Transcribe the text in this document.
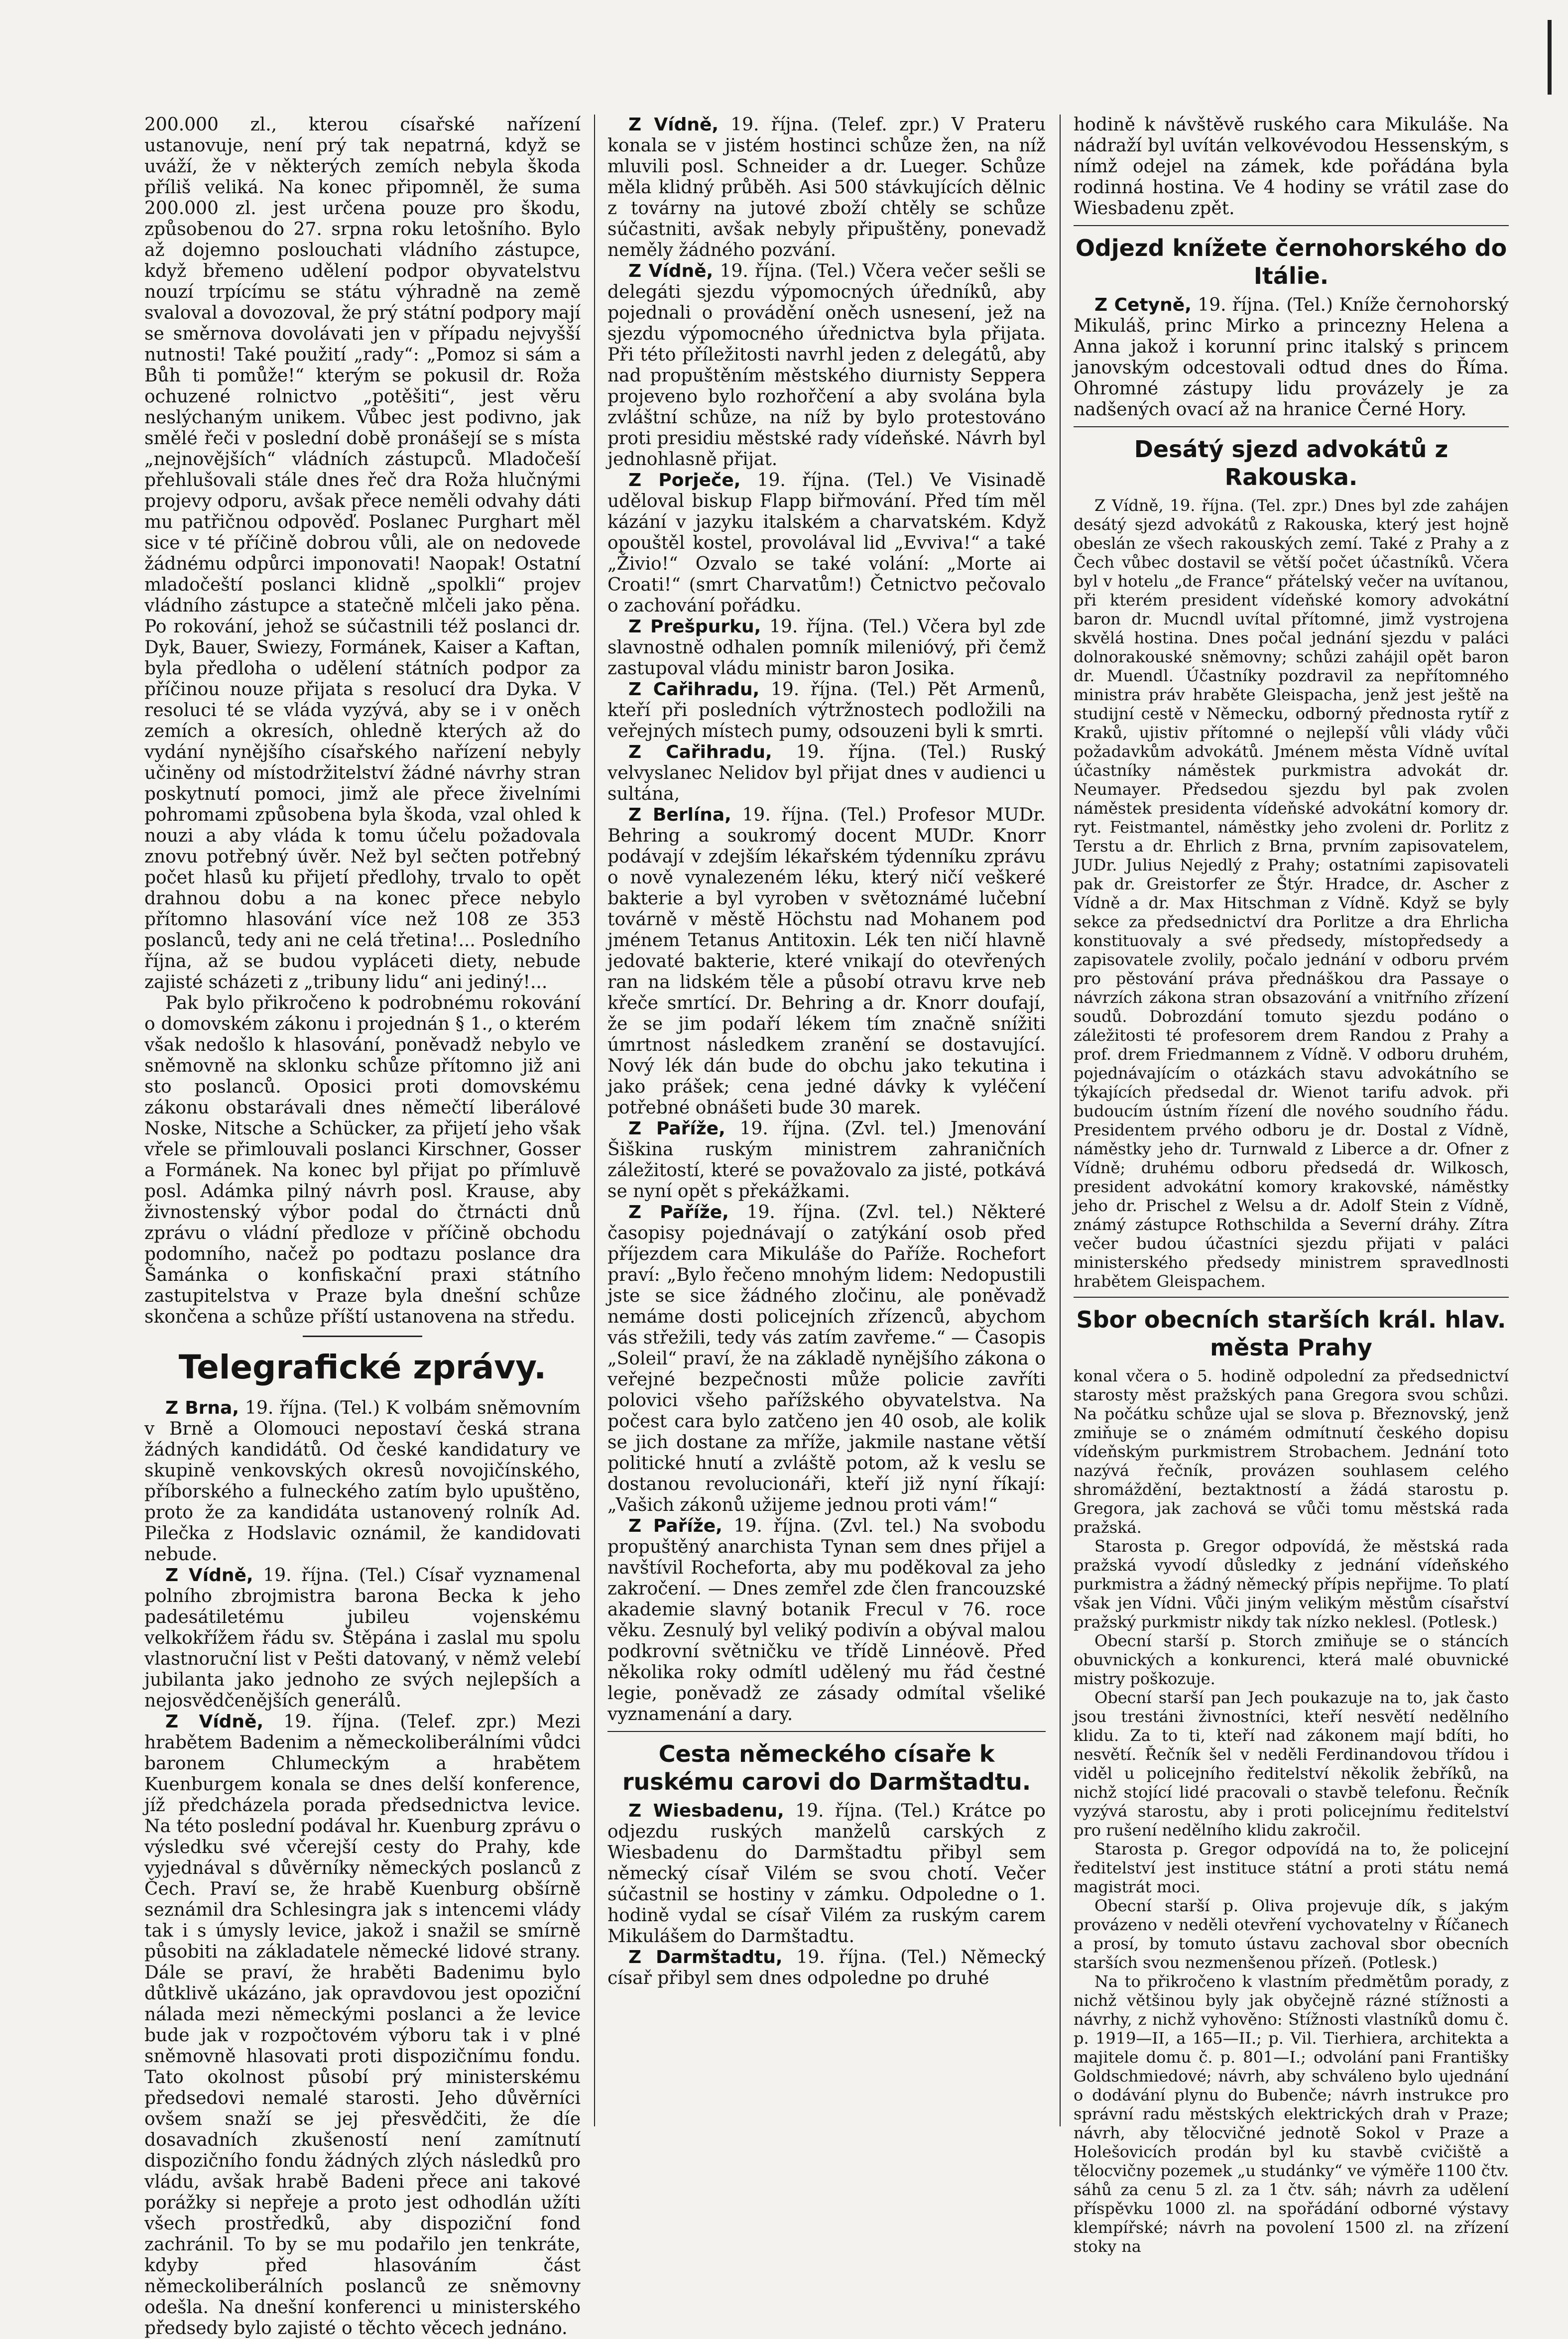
200.000 zl., kterou císařské nařízení ustanovuje, není prý tak nepatrná, když se uváží, že v některých zemích nebyla škoda příliš veliká. Na konec připomněl, že suma 200.000 zl. jest určena pouze pro škodu, způsobenou do 27. srpna roku letošního. Bylo až dojemno poslouchati vládního zástupce, když břemeno udělení podpor obyvatelstvu nouzí trpícímu se státu výhradně na země svaloval a dovozoval, že prý státní podpory mají se směrnova dovolávati jen v případu nejvyšší nutnosti! Také použití „rady“: „Pomoz si sám a Bůh ti pomůže!“ kterým se pokusil dr. Roža ochuzené rolnictvo „potěšiti“, jest věru neslýchaným unikem. Vůbec jest podivno, jak smělé řeči v poslední době pronášejí se s místa „nejnovějších“ vládních zástupců. Mladočeší přehlušovali stále dnes řeč dra Roža hlučnými projevy odporu, avšak přece neměli odvahy dáti mu patřičnou odpověď. Poslanec Purghart měl sice v té příčině dobrou vůli, ale on nedovede žádnému odpůrci imponovati! Naopak! Ostatní mladočeští poslanci klidně „spolkli“ projev vládního zástupce a statečně mlčeli jako pěna. Po rokování, jehož se súčastnili též poslanci dr. Dyk, Bauer, Swiezy, Formánek, Kaiser a Kaftan, byla předloha o udělení státních podpor za příčinou nouze přijata s resolucí dra Dyka. V resoluci té se vláda vyzývá, aby se i v oněch zemích a okresích, ohledně kterých až do vydání nynějšího císařského nařízení nebyly učiněny od místodržitelství žádné návrhy stran poskytnutí pomoci, jimž ale přece živelními pohromami způsobena byla škoda, vzal ohled k nouzi a aby vláda k tomu účelu požadovala znovu potřebný úvěr. Než byl sečten potřebný počet hlasů ku přijetí předlohy, trvalo to opět drahnou dobu a na konec přece nebylo přítomno hlasování více než 108 ze 353 poslanců, tedy ani ne celá třetina!... Posledního října, až se budou vypláceti diety, nebude zajisté scházeti z „tribuny lidu“ ani jediný!...

Pak bylo přikročeno k podrobnému rokování o domovském zákonu i projednán § 1., o kterém však nedošlo k hlasování, poněvadž nebylo ve sněmovně na sklonku schůze přítomno již ani sto poslanců. Oposici proti domovskému zákonu obstarávali dnes němečtí liberálové Noske, Nitsche a Schücker, za přijetí jeho však vřele se přimlouvali poslanci Kirschner, Gosser a Formánek. Na konec byl přijat po přímluvě posl. Adámka pilný návrh posl. Krause, aby živnostenský výbor podal do čtrnácti dnů zprávu o vládní předloze v příčině obchodu podomního, načež po podtazu poslance dra Šamánka o konfiskační praxi státního zastupitelstva v Praze byla dnešní schůze skončena a schůze příští ustanovena na středu.

Telegrafické zprávy.

Z Brna, 19. října. (Tel.) K volbám sněmovním v Brně a Olomouci nepostaví česká strana žádných kandidátů. Od české kandidatury ve skupině venkovských okresů novojičínského, příborského a fulneckého zatím bylo upuštěno, proto že za kandidáta ustanovený rolník Ad. Pilečka z Hodslavic oznámil, že kandidovati nebude.

Z Vídně, 19. října. (Tel.) Císař vyznamenal polního zbrojmistra barona Becka k jeho padesátiletému jubileu vojenskému velkokřížem řádu sv. Štěpána i zaslal mu spolu vlastnoruční list v Pešti datovaný, v němž velebí jubilanta jako jednoho ze svých nejlepších a nejosvědčenějších generálů.

Z Vídně, 19. října. (Telef. zpr.) Mezi hrabětem Badenim a německoliberálními vůdci baronem Chlumeckým a hrabětem Kuenburgem konala se dnes delší konference, jíž předcházela porada předsednictva levice. Na této poslední podával hr. Kuenburg zprávu o výsledku své včerejší cesty do Prahy, kde vyjednával s důvěrníky německých poslanců z Čech. Praví se, že hrabě Kuenburg obšírně seznámil dra Schlesingra jak s intencemi vlády tak i s úmysly levice, jakož i snažil se smírně působiti na základatele německé lidové strany. Dále se praví, že hraběti Badenimu bylo důtklivě ukázáno, jak opravdovou jest opoziční nálada mezi německými poslanci a že levice bude jak v rozpočtovém výboru tak i v plné sněmovně hlasovati proti dispozičnímu fondu. Tato okolnost působí prý ministerskému předsedovi nemalé starosti. Jeho důvěrníci ovšem snaží se jej přesvědčiti, že díe dosavadních zkušeností není zamítnutí dispozičního fondu žádných zlých následků pro vládu, avšak hrabě Badeni přece ani takové porážky si nepřeje a proto jest odhodlán užíti všech prostředků, aby dispoziční fond zachránil. To by se mu podařilo jen tenkráte, kdyby před hlasováním část německoliberálních poslanců ze sněmovny odešla. Na dnešní konferenci u ministerského předsedy bylo zajisté o těchto věcech jednáno.

Z Vídně, 19. října. (Telef. zpr.) V Prateru konala se v jistém hostinci schůze žen, na níž mluvili posl. Schneider a dr. Lueger. Schůze měla klidný průběh. Asi 500 stávkujících dělnic z továrny na jutové zboží chtěly se schůze súčastniti, avšak nebyly připuštěny, ponevadž neměly žádného pozvání.

Z Vídně, 19. října. (Tel.) Včera večer sešli se delegáti sjezdu výpomocných úředníků, aby pojednali o provádění oněch usnesení, jež na sjezdu výpomocného úřednictva byla přijata. Při této příležitosti navrhl jeden z delegátů, aby nad propuštěním městského diurnisty Seppera projeveno bylo rozhořčení a aby svolána byla zvláštní schůze, na níž by bylo protestováno proti presidiu městské rady vídeňské. Návrh byl jednohlasně přijat.

Z Porječe, 19. října. (Tel.) Ve Visinadě uděloval biskup Flapp biřmování. Před tím měl kázání v jazyku italském a charvatském. Když opouštěl kostel, provolával lid „Evviva!“ a také „Živio!“ Ozvalo se také volání: „Morte ai Croati!“ (smrt Charvatům!) Četnictvo pečovalo o zachování pořádku.

Z Prešpurku, 19. října. (Tel.) Včera byl zde slavnostně odhalen pomník milenióvý, při čemž zastupoval vládu ministr baron Josika.

Z Cařihradu, 19. října. (Tel.) Pět Armenů, kteří při posledních výtržnostech podložili na veřejných místech pumy, odsouzeni byli k smrti.

Z Cařihradu, 19. října. (Tel.) Ruský velvyslanec Nelidov byl přijat dnes v audienci u sultána,

Z Berlína, 19. října. (Tel.) Profesor MUDr. Behring a soukromý docent MUDr. Knorr podávají v zdejším lékařském týdenníku zprávu o nově vynalezeném léku, který ničí veškeré bakterie a byl vyroben v světoznámé lučební továrně v městě Höchstu nad Mohanem pod jménem Tetanus Antitoxin. Lék ten ničí hlavně jedovaté bakterie, které vnikají do otevřených ran na lidském těle a působí otravu krve neb křeče smrtící. Dr. Behring a dr. Knorr doufají, že se jim podaří lékem tím značně snížiti úmrtnost následkem zranění se dostavující. Nový lék dán bude do obchu jako tekutina i jako prášek; cena jedné dávky k vyléčení potřebné obnášeti bude 30 marek.

Z Paříže, 19. října. (Zvl. tel.) Jmenování Šiškina ruským ministrem zahraničních záležitostí, které se považovalo za jisté, potkává se nyní opět s překážkami.

Z Paříže, 19. října. (Zvl. tel.) Některé časopisy pojednávají o zatýkání osob před příjezdem cara Mikuláše do Paříže. Rochefort praví: „Bylo řečeno mnohým lidem: Nedopustili jste se sice žádného zločinu, ale poněvadž nemáme dosti policejních zřízenců, abychom vás střežili, tedy vás zatím zavřeme.“ — Časopis „Soleil“ praví, že na základě nynějšího zákona o veřejné bezpečnosti může policie zavříti polovici všeho pařížského obyvatelstva. Na počest cara bylo zatčeno jen 40 osob, ale kolik se jich dostane za mříže, jakmile nastane větší politické hnutí a zvláště potom, až k veslu se dostanou revolucionáři, kteří již nyní říkají: „Vašich zákonů užijeme jednou proti vám!“

Z Paříže, 19. října. (Zvl. tel.) Na svobodu propuštěný anarchista Tynan sem dnes přijel a navštívil Rocheforta, aby mu poděkoval za jeho zakročení. — Dnes zemřel zde člen francouzské akademie slavný botanik Frecul v 76. roce věku. Zesnulý byl veliký podivín a obýval malou podkrovní světničku ve třídě Linnéově. Před několika roky odmítl udělený mu řád čestné legie, poněvadž ze zásady odmítal všeliké vyznamenání a dary.

Cesta německého císaře k ruskému carovi do Darmštadtu.

Z Wiesbadenu, 19. října. (Tel.) Krátce po odjezdu ruských manželů carských z Wiesbadenu do Darmštadtu přibyl sem německý císař Vilém se svou chotí. Večer súčastnil se hostiny v zámku. Odpoledne o 1. hodině vydal se císař Vilém za ruským carem Mikulášem do Darmštadtu.

Z Darmštadtu, 19. října. (Tel.) Německý císař přibyl sem dnes odpoledne po druhé

hodině k návštěvě ruského cara Mikuláše. Na nádraží byl uvítán velkovévodou Hessenským, s nímž odejel na zámek, kde pořádána byla rodinná hostina. Ve 4 hodiny se vrátil zase do Wiesbadenu zpět.

Odjezd knížete černohorského do Itálie.

Z Cetyně, 19. října. (Tel.) Kníže černohorský Mikuláš, princ Mirko a princezny Helena a Anna jakož i korunní princ italský s princem janovským odcestovali odtud dnes do Říma. Ohromné zástupy lidu provázely je za nadšených ovací až na hranice Černé Hory.

Desátý sjezd advokátů z Rakouska.

Z Vídně, 19. října. (Tel. zpr.) Dnes byl zde zahájen desátý sjezd advokátů z Rakouska, který jest hojně obeslán ze všech rakouských zemí. Také z Prahy a z Čech vůbec dostavil se větší počet účastníků. Včera byl v hotelu „de France“ přátelský večer na uvítanou, při kterém president vídeňské komory advokátní baron dr. Mucndl uvítal přítomné, jimž vystrojena skvělá hostina. Dnes počal jednání sjezdu v paláci dolnorakouské sněmovny; schůzi zahájil opět baron dr. Muendl. Účastníky pozdravil za nepřítomného ministra práv hraběte Gleispacha, jenž jest ještě na studijní cestě v Německu, odborný přednosta rytíř z Kraků, ujistiv přítomné o nejlepší vůli vlády vůči požadavkům advokátů. Jménem města Vídně uvítal účastníky náměstek purkmistra advokát dr. Neumayer. Předsedou sjezdu byl pak zvolen náměstek presidenta vídeňské advokátní komory dr. ryt. Feistmantel, náměstky jeho zvoleni dr. Porlitz z Terstu a dr. Ehrlich z Brna, prvním zapisovatelem, JUDr. Julius Nejedlý z Prahy; ostatními zapisovateli pak dr. Greistorfer ze Štýr. Hradce, dr. Ascher z Vídně a dr. Max Hitschman z Vídně. Když se byly sekce za předsednictví dra Porlitze a dra Ehrlicha konstituovaly a své předsedy, místopředsedy a zapisovatele zvolily, počalo jednání v odboru prvém pro pěstování práva přednáškou dra Passaye o návrzích zákona stran obsazování a vnitřního zřízení soudů. Dobrozdání tomuto sjezdu podáno o záležitosti té profesorem drem Randou z Prahy a prof. drem Friedmannem z Vídně. V odboru druhém, pojednávajícím o otázkách stavu advokátního se týkajících předsedal dr. Wienot tarifu advok. při budoucím ústním řízení dle nového soudního řádu. Presidentem prvého odboru je dr. Dostal z Vídně, náměstky jeho dr. Turnwald z Liberce a dr. Ofner z Vídně; druhému odboru předsedá dr. Wilkosch, president advokátní komory krakovské, náměstky jeho dr. Prischel z Welsu a dr. Adolf Stein z Vídně, známý zástupce Rothschilda a Severní dráhy. Zítra večer budou účastníci sjezdu přijati v paláci ministerského předsedy ministrem spravedlnosti hrabětem Gleispachem.

Sbor obecních starších král. hlav. města Prahy

konal včera o 5. hodině odpolední za předsednictví starosty měst pražských pana Gregora svou schůzi. Na počátku schůze ujal se slova p. Březnovský, jenž zmiňuje se o známém odmítnutí českého dopisu vídeňským purkmistrem Strobachem. Jednání toto nazývá řečník, provázen souhlasem celého shromáždění, beztaktností a žádá starostu p. Gregora, jak zachová se vůči tomu městská rada pražská.

Starosta p. Gregor odpovídá, že městská rada pražská vyvodí důsledky z jednání vídeňského purkmistra a žádný německý přípis nepřijme. To platí však jen Vídni. Vůči jiným velikým městům císařství pražský purkmistr nikdy tak nízko neklesl. (Potlesk.)

Obecní starší p. Storch zmiňuje se o stáncích obuvnických a konkurenci, která malé obuvnické mistry poškozuje.

Obecní starší pan Jech poukazuje na to, jak často jsou trestáni živnostníci, kteří nesvětí nedělního klidu. Za to ti, kteří nad zákonem mají bdíti, ho nesvětí. Řečník šel v neděli Ferdinandovou třídou i viděl u policejního ředitelství několik žebříků, na nichž stojící lidé pracovali o stavbě telefonu. Řečník vyzývá starostu, aby i proti policejnímu ředitelství pro rušení nedělního klidu zakročil.

Starosta p. Gregor odpovídá na to, že policejní ředitelství jest instituce státní a proti státu nemá magistrát moci.

Obecní starší p. Oliva projevuje dík, s jakým provázeno v neděli otevření vychovatelny v Říčanech a prosí, by tomuto ústavu zachoval sbor obecních starších svou nezmenšenou přízeň. (Potlesk.)

Na to přikročeno k vlastním předmětům porady, z nichž většinou byly jak obyčejně rázné stížnosti a návrhy, z nichž vyhověno: Stížnosti vlastníků domu č. p. 1919—II, a 165—II.; p. Vil. Tierhiera, architekta a majitele domu č. p. 801—I.; odvolání pani Františky Goldschmiedové; návrh, aby schváleno bylo ujednání o dodávání plynu do Bubenče; návrh instrukce pro správní radu městských elektrických drah v Praze; návrh, aby tělocvičné jednotě Sokol v Praze a Holešovicích prodán byl ku stavbě cvičiště a tělocvičny pozemek „u studánky“ ve výměře 1100 čtv. sáhů za cenu 5 zl. za 1 čtv. sáh; návrh za udělení příspěvku 1000 zl. na spořádání odborné výstavy klempířské; návrh na povolení 1500 zl. na zřízení stoky na
